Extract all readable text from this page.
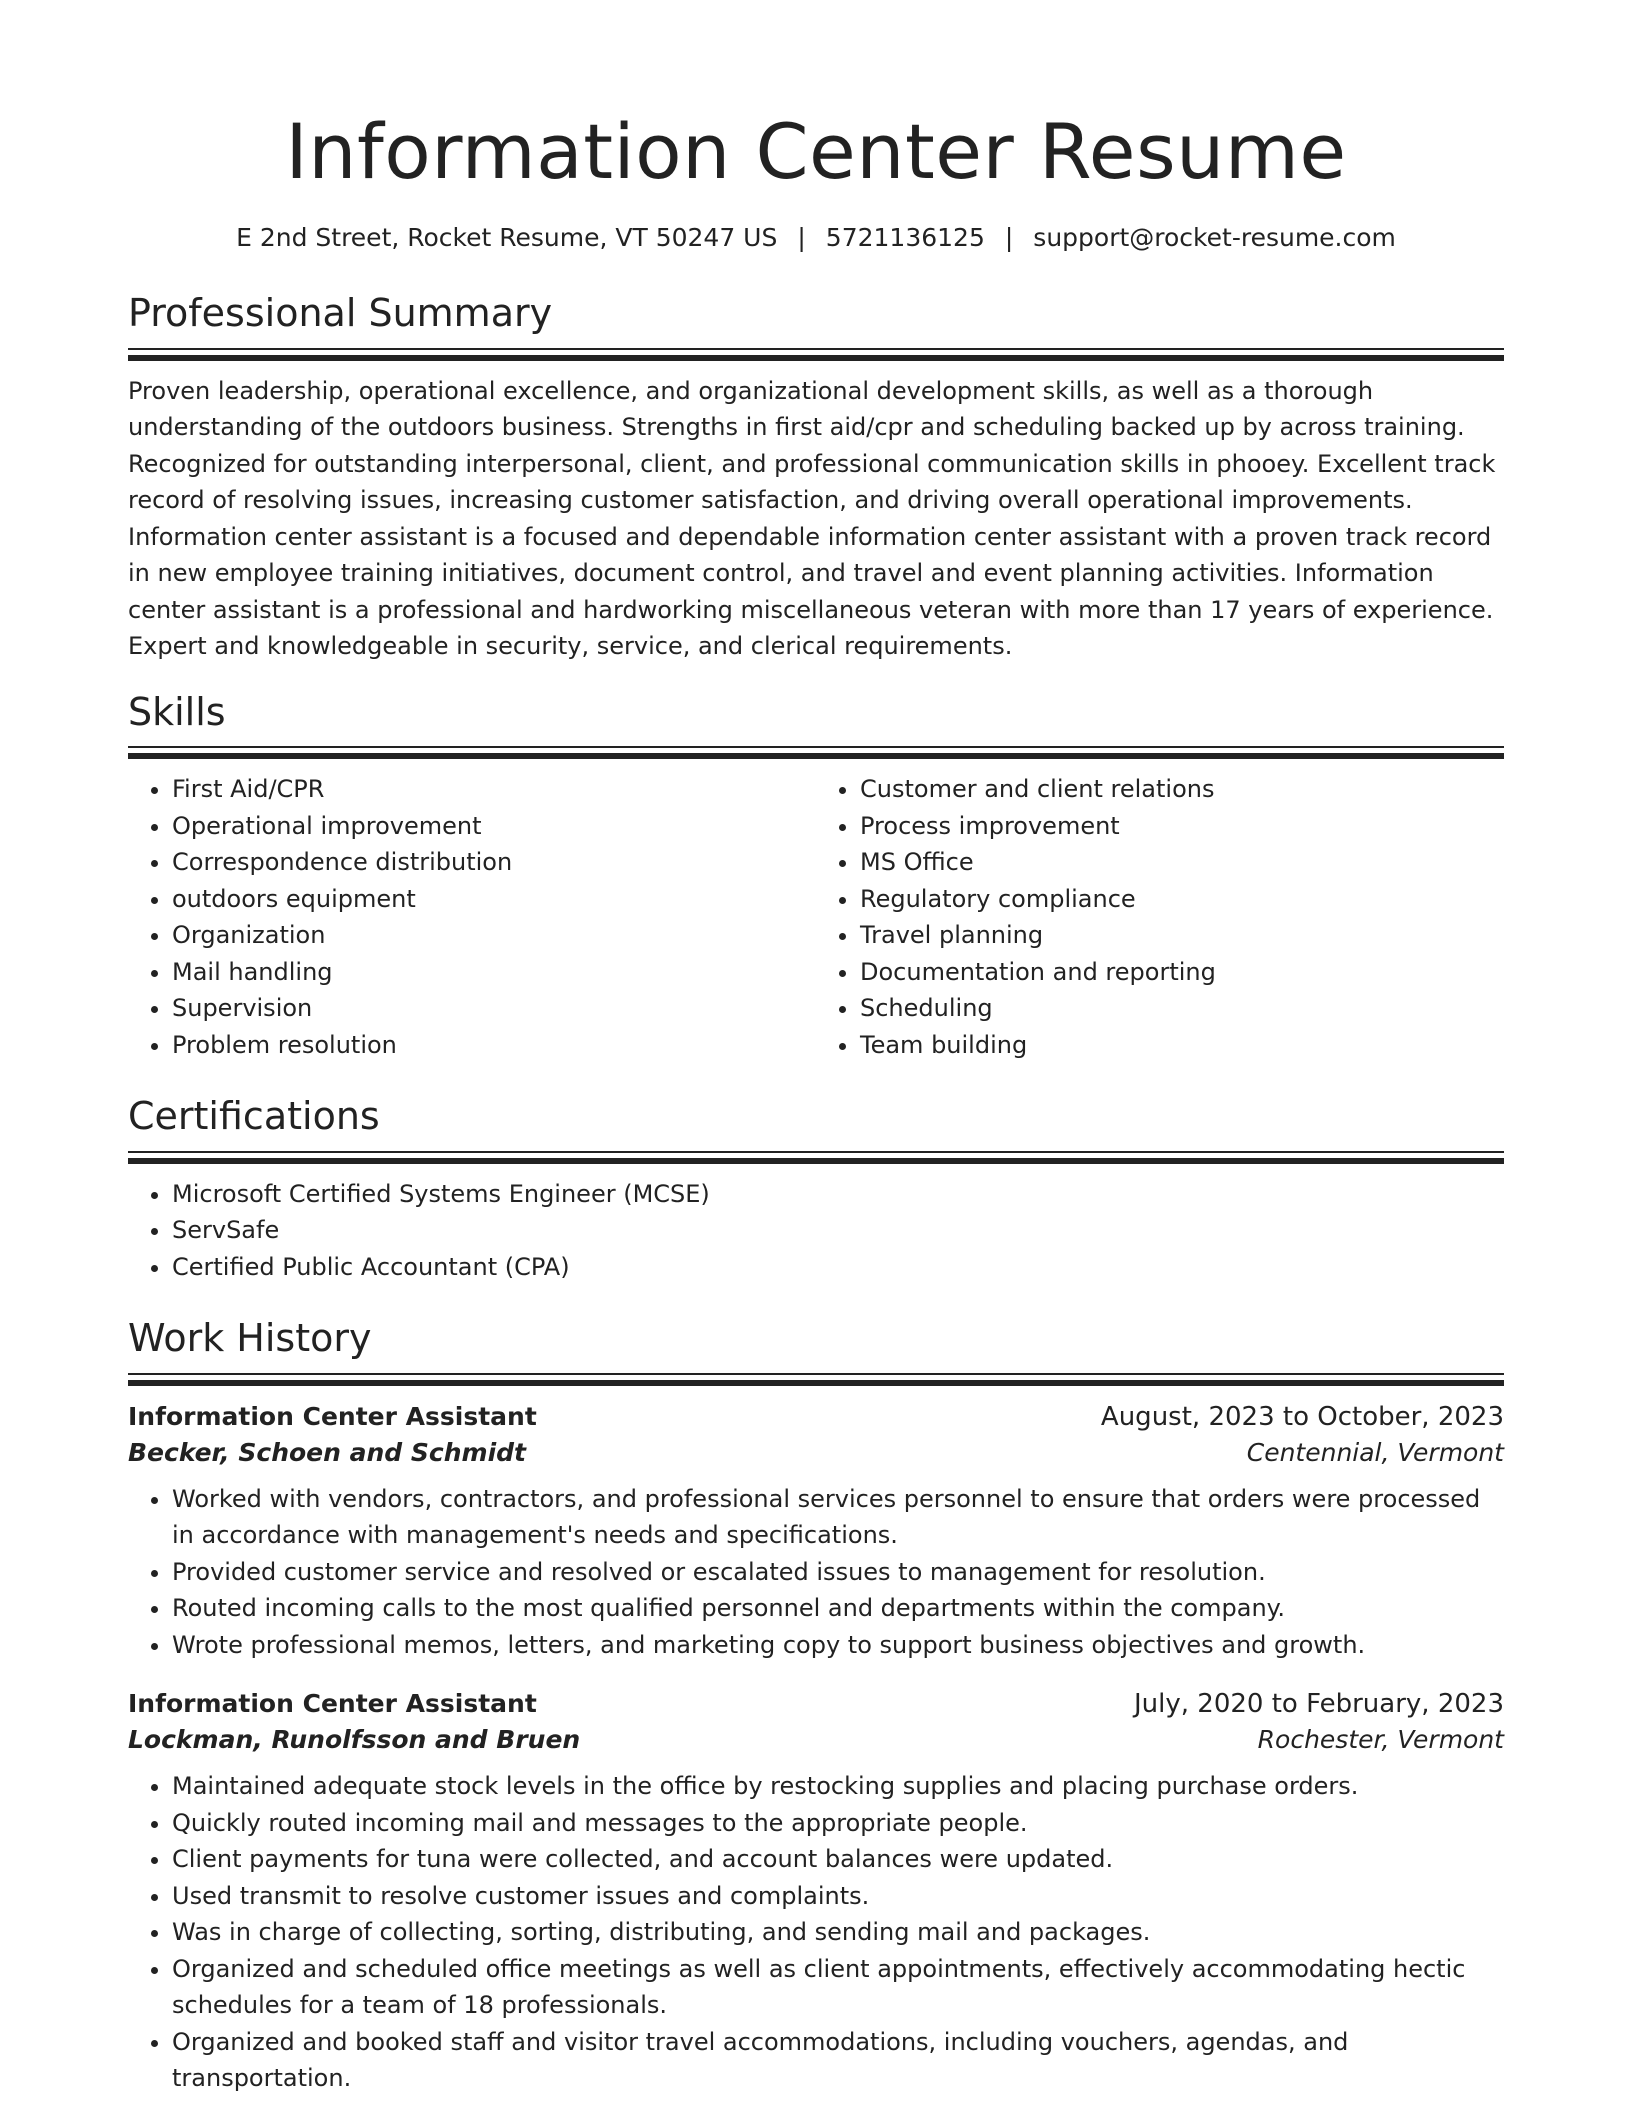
Information Center Resume
E 2nd Street, Rocket Resume, VT 50247 US | 5721136125 | support@rocket-resume.com
Professional Summary

Proven leadership, operational excellence, and organizational development skills, as well as a thorough understanding of the outdoors business. Strengths in first aid/cpr and scheduling backed up by across training. Recognized for outstanding interpersonal, client, and professional communication skills in phooey. Excellent track record of resolving issues, increasing customer satisfaction, and driving overall operational improvements. Information center assistant is a focused and dependable information center assistant with a proven track record in new employee training initiatives, document control, and travel and event planning activities. Information center assistant is a professional and hardworking miscellaneous veteran with more than 17 years of experience. Expert and knowledgeable in security, service, and clerical requirements.

Skills
• First Aid/CPR
• Operational improvement
• Correspondence distribution
• outdoors equipment
• Organization
• Mail handling
• Supervision
• Problem resolution
• Customer and client relations
• Process improvement
• MS Office
• Regulatory compliance
• Travel planning
• Documentation and reporting
• Scheduling
• Team building
Certifications
• Microsoft Certified Systems Engineer (MCSE)
• ServSafe
• Certified Public Accountant (CPA)
Work History
Information Center Assistant	August, 2023 to October, 2023
Becker, Schoen and Schmidt	Centennial, Vermont
• Worked with vendors, contractors, and professional services personnel to ensure that orders were processed in accordance with management's needs and specifications.
• Provided customer service and resolved or escalated issues to management for resolution.
• Routed incoming calls to the most qualified personnel and departments within the company.
• Wrote professional memos, letters, and marketing copy to support business objectives and growth.
Information Center Assistant	July, 2020 to February, 2023
Lockman, Runolfsson and Bruen	Rochester, Vermont
• Maintained adequate stock levels in the office by restocking supplies and placing purchase orders.
• Quickly routed incoming mail and messages to the appropriate people.
• Client payments for tuna were collected, and account balances were updated.
• Used transmit to resolve customer issues and complaints.
• Was in charge of collecting, sorting, distributing, and sending mail and packages.
• Organized and scheduled office meetings as well as client appointments, effectively accommodating hectic schedules for a team of 18 professionals.
• Organized and booked staff and visitor travel accommodations, including vouchers, agendas, and transportation.
